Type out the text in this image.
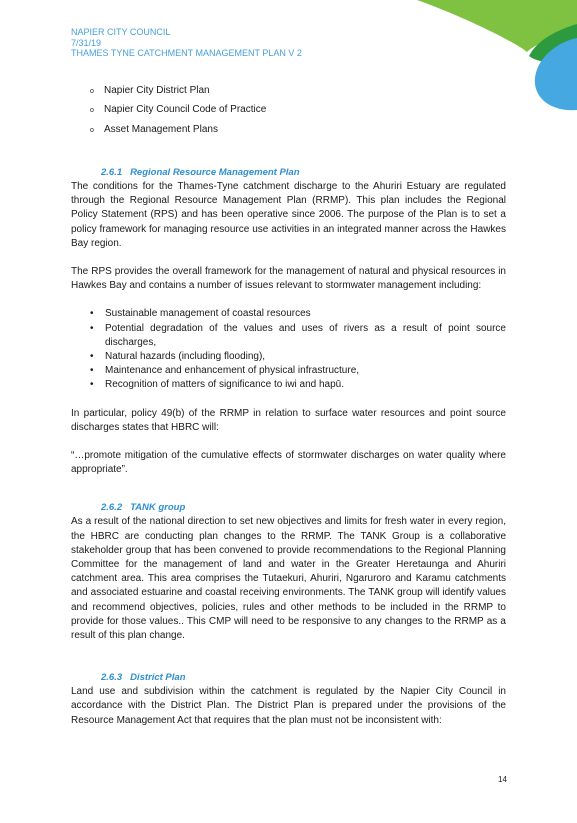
NAPIER CITY COUNCIL
7/31/19
THAMES TYNE CATCHMENT MANAGEMENT PLAN V 2
o Napier City District Plan
o Napier City Council Code of Practice
o Asset Management Plans
2.6.1 Regional Resource Management Plan

The conditions for the Thames-Tyne catchment discharge to the Ahuriri Estuary are regulated through the Regional Resource Management Plan (RRMP). This plan includes the Regional Policy Statement (RPS) and has been operative since 2006. The purpose of the Plan is to set a policy framework for managing resource use activities in an integrated manner across the Hawkes Bay region.

The RPS provides the overall framework for the management of natural and physical resources in Hawkes Bay and contains a number of issues relevant to stormwater management including:

•	Sustainable management of coastal resources
•	Potential degradation of the values and uses of rivers as a result of point source discharges,
•	Natural hazards (including flooding),
•	Maintenance and enhancement of physical infrastructure,
•	Recognition of matters of significance to iwi and hapū.

In particular, policy 49(b) of the RRMP in relation to surface water resources and point source discharges states that HBRC will:

“…promote mitigation of the cumulative effects of stormwater discharges on water quality where appropriate”.

2.6.2 TANK group

As a result of the national direction to set new objectives and limits for fresh water in every region, the HBRC are conducting plan changes to the RRMP. The TANK Group is a collaborative stakeholder group that has been convened to provide recommendations to the Regional Planning Committee for the management of land and water in the Greater Heretaunga and Ahuriri catchment area. This area comprises the Tutaekuri, Ahuriri, Ngaruroro and Karamu catchments and associated estuarine and coastal receiving environments. The TANK group will identify values and recommend objectives, policies, rules and other methods to be included in the RRMP to provide for those values.. This CMP will need to be responsive to any changes to the RRMP as a result of this plan change.

2.6.3 District Plan

Land use and subdivision within the catchment is regulated by the Napier City Council in accordance with the District Plan. The District Plan is prepared under the provisions of the Resource Management Act that requires that the plan must not be inconsistent with:

14
